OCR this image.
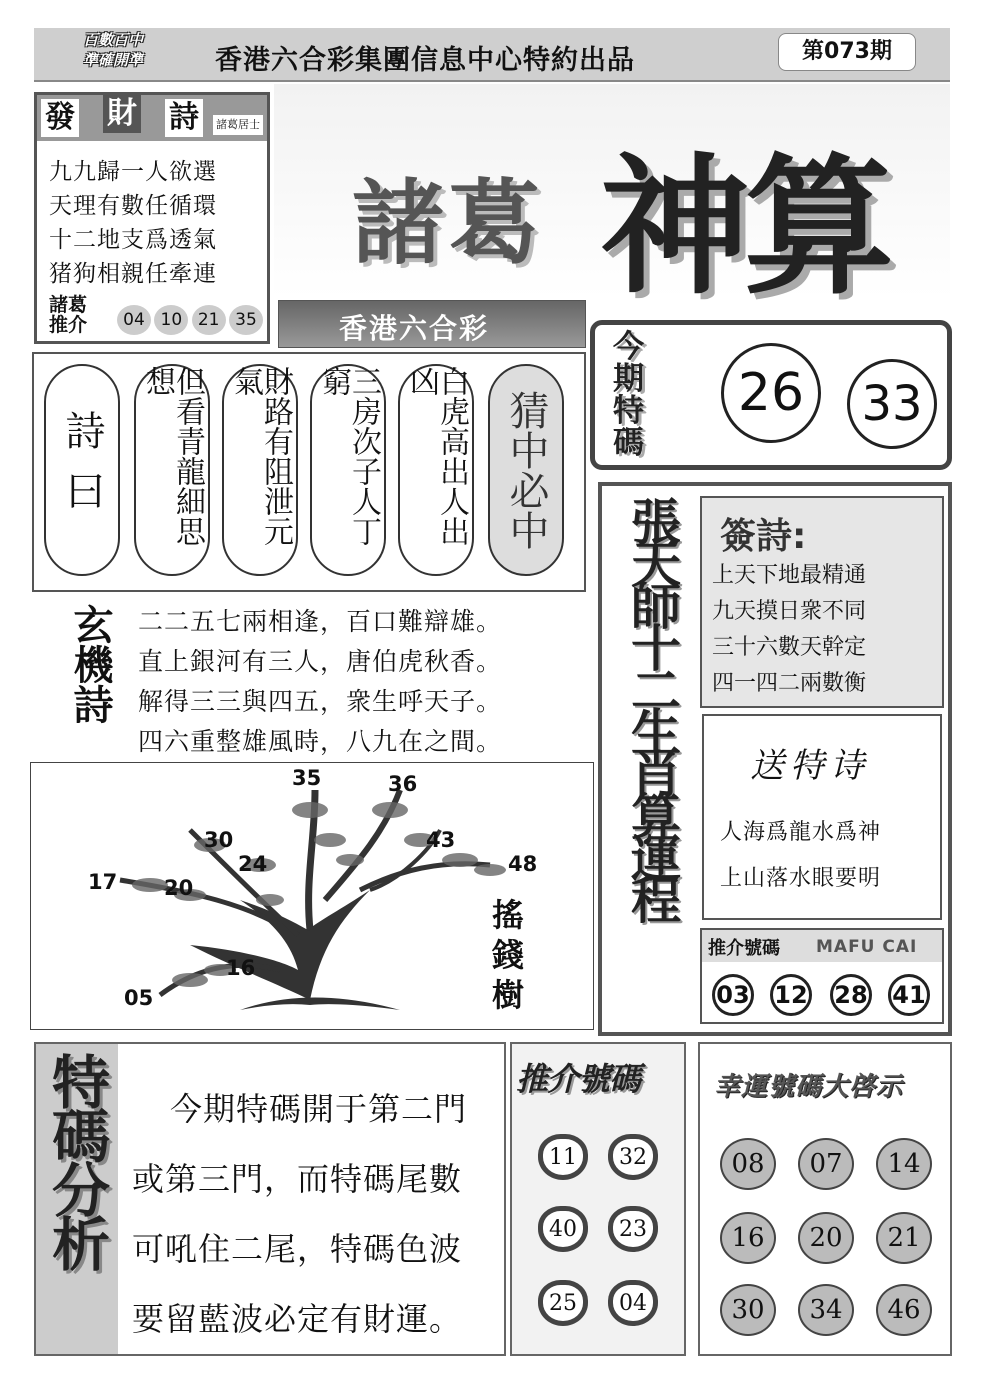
百數百中
準確開準	香港六合彩集團信息中心特約出品	第073期
發 財 詩	諸葛居士
九九歸一人欲選
天理有數任循環
十二地支爲透氣
猪狗相親任牽連
諸葛
推介	04 10 21 35
諸葛 神算
香港六合彩
今期特碼
26	33
詩曰	但看青龍細思想	財路有阻泄元氣	三房次子人丁窮	白虎高出人出凶
猜中必中
玄機詩 二二五七兩相逢，百口難辯雄。
直上銀河有三人，唐伯虎秋香。
解得三三與四五，衆生呼天子。
四六重整雄風時，八九在之間。
35	36
30
24
43
48
17 20
16
05	搖錢樹
張天師十二生肖算運程 簽詩:
上天下地最精通
九天摸日衆不同
三十六數天幹定
四一四二兩數衡
送特诗
人海爲龍水爲神
上山落水眼要明
推介號碼 MAFU CAI
03 12 28 41
特碼分析	今期特碼開于第二門
或第三門，而特碼尾數
可吼住二尾，特碼色波
要留藍波必定有財運。
推介號碼
11	32
40	23
25	04
幸運號碼大啓示
08	07	14
16	20	21
30	34	46
